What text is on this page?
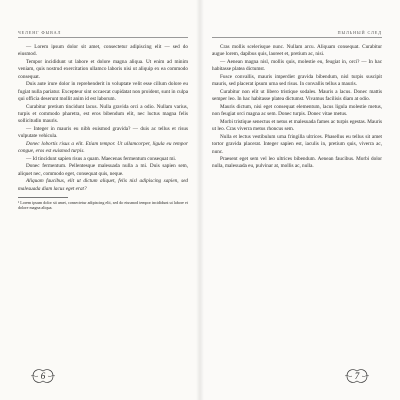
ЧЕЛЕНГ ФЫВАЛ

— Lorem ipsum dolor sit amet, consectetur adipiscing elit — sed do eiusmod.

Tempor incididunt ut labore et dolore magna aliqua. Ut enim ad minim veniam, quis nostrud exercitation ullamco laboris nisi ut aliquip ex ea commodo consequat.

Duis aute irure dolor in reprehenderit in voluptate velit esse cillum dolore eu fugiat nulla pariatur. Excepteur sint occaecat cupidatat non proident, sunt in culpa qui officia deserunt mollit anim id est laborum.

Curabitur pretium tincidunt lacus. Nulla gravida orci a odio. Nullam varius, turpis et commodo pharetra, est eros bibendum elit, nec luctus magna felis sollicitudin mauris.

— Integer in mauris eu nibh euismod gravida? — duis ac tellus et risus vulputate vehicula.

Donec lobortis risus a elit. Etiam tempor. Ut ullamcorper, ligula eu tempor congue, eros est euismod turpis.

— Id tincidunt sapien risus a quam. Maecenas fermentum consequat mi.

Donec fermentum. Pellentesque malesuada nulla a mi. Duis sapien sem, aliquet nec, commodo eget, consequat quis, neque.

Aliquam faucibus, elit ut dictum aliquet, felis nisl adipiscing sapien, sed malesuada diam lacus eget erat?

¹ Lorem ipsum dolor sit amet, consectetur adipiscing elit, sed do eiusmod tempor incididunt ut labore et dolore magna aliqua.
6
ПЫЛЬНЫЙ СЛЕД

Cras mollis scelerisque nunc. Nullam arcu. Aliquam consequat. Curabitur augue lorem, dapibus quis, laoreet et, pretium ac, nisi.

— Aenean magna nisl, mollis quis, molestie eu, feugiat in, orci? — In hac habitasse platea dictumst.

Fusce convallis, mauris imperdiet gravida bibendum, nisl turpis suscipit mauris, sed placerat ipsum urna sed risus. In convallis tellus a mauris.

Curabitur non elit ut libero tristique sodales. Mauris a lacus. Donec mattis semper leo. In hac habitasse platea dictumst. Vivamus facilisis diam at odio.

Mauris dictum, nisi eget consequat elementum, lacus ligula molestie metus, non feugiat orci magna ac sem. Donec turpis. Donec vitae metus.

Morbi tristique senectus et netus et malesuada fames ac turpis egestas. Mauris ut leo. Cras viverra metus rhoncus sem.

Nulla et lectus vestibulum urna fringilla ultrices. Phasellus eu tellus sit amet tortor gravida placerat. Integer sapien est, iaculis in, pretium quis, viverra ac, nunc.

Praesent eget sem vel leo ultrices bibendum. Aenean faucibus. Morbi dolor nulla, malesuada eu, pulvinar at, mollis ac, nulla.

7
